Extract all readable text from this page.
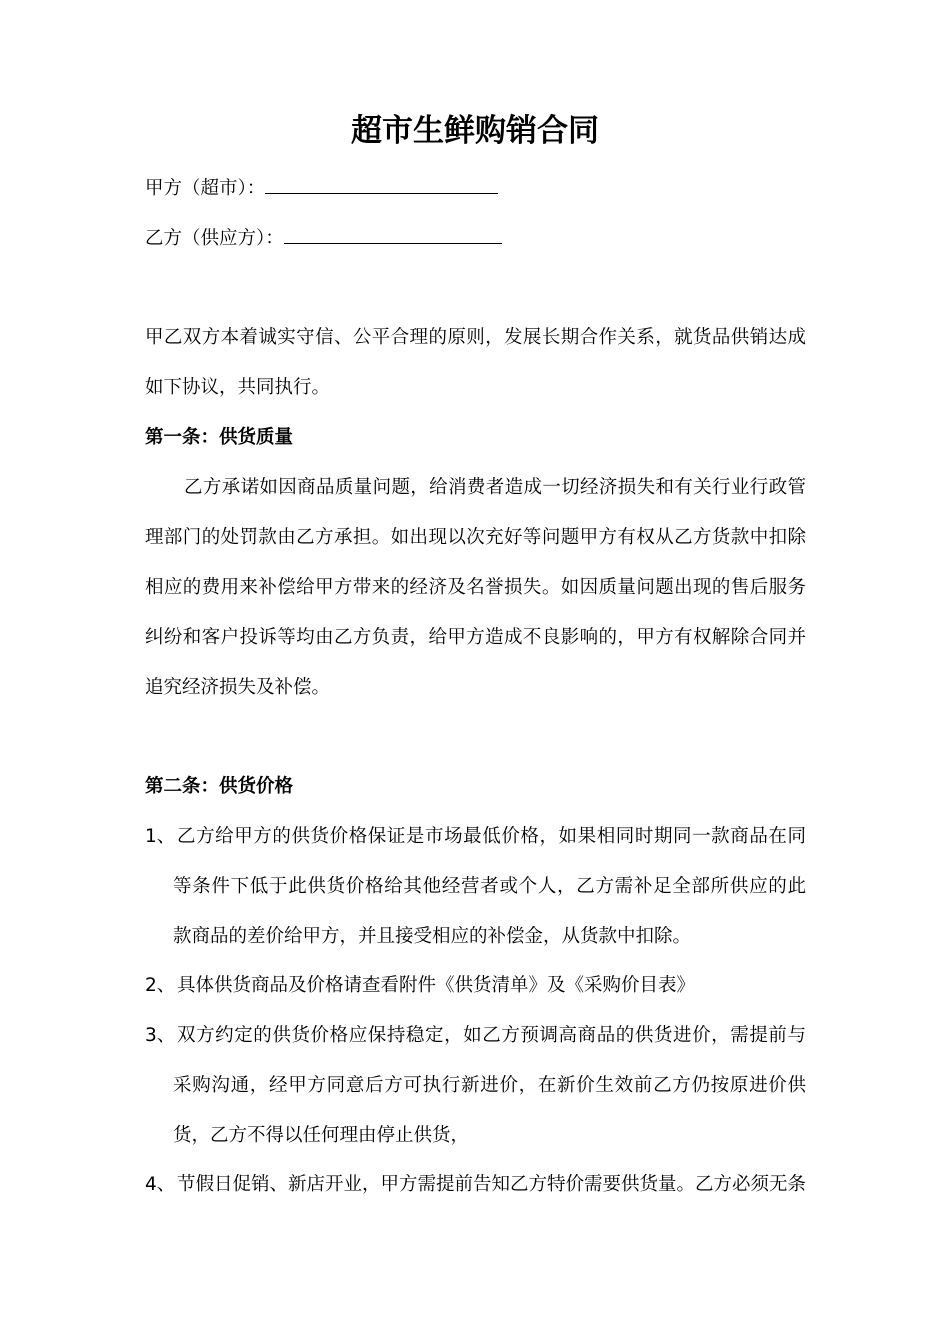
超市生鲜购销合同
甲方（超市）：
乙方（供应方）：
甲乙双方本着诚实守信、公平合理的原则，发展长期合作关系，就货品供销达成
如下协议，共同执行。
第一条：供货质量
乙方承诺如因商品质量问题，给消费者造成一切经济损失和有关行业行政管
理部门的处罚款由乙方承担。如出现以次充好等问题甲方有权从乙方货款中扣除
相应的费用来补偿给甲方带来的经济及名誉损失。如因质量问题出现的售后服务
纠纷和客户投诉等均由乙方负责，给甲方造成不良影响的，甲方有权解除合同并
追究经济损失及补偿。
第二条：供货价格
1、 乙方给甲方的供货价格保证是市场最低价格，如果相同时期同一款商品在同
等条件下低于此供货价格给其他经营者或个人，乙方需补足全部所供应的此
款商品的差价给甲方，并且接受相应的补偿金，从货款中扣除。
2、 具体供货商品及价格请查看附件《供货清单》及《采购价目表》
3、 双方约定的供货价格应保持稳定，如乙方预调高商品的供货进价，需提前与
采购沟通，经甲方同意后方可执行新进价，在新价生效前乙方仍按原进价供
货，乙方不得以任何理由停止供货，
4、 节假日促销、新店开业，甲方需提前告知乙方特价需要供货量。乙方必须无条
